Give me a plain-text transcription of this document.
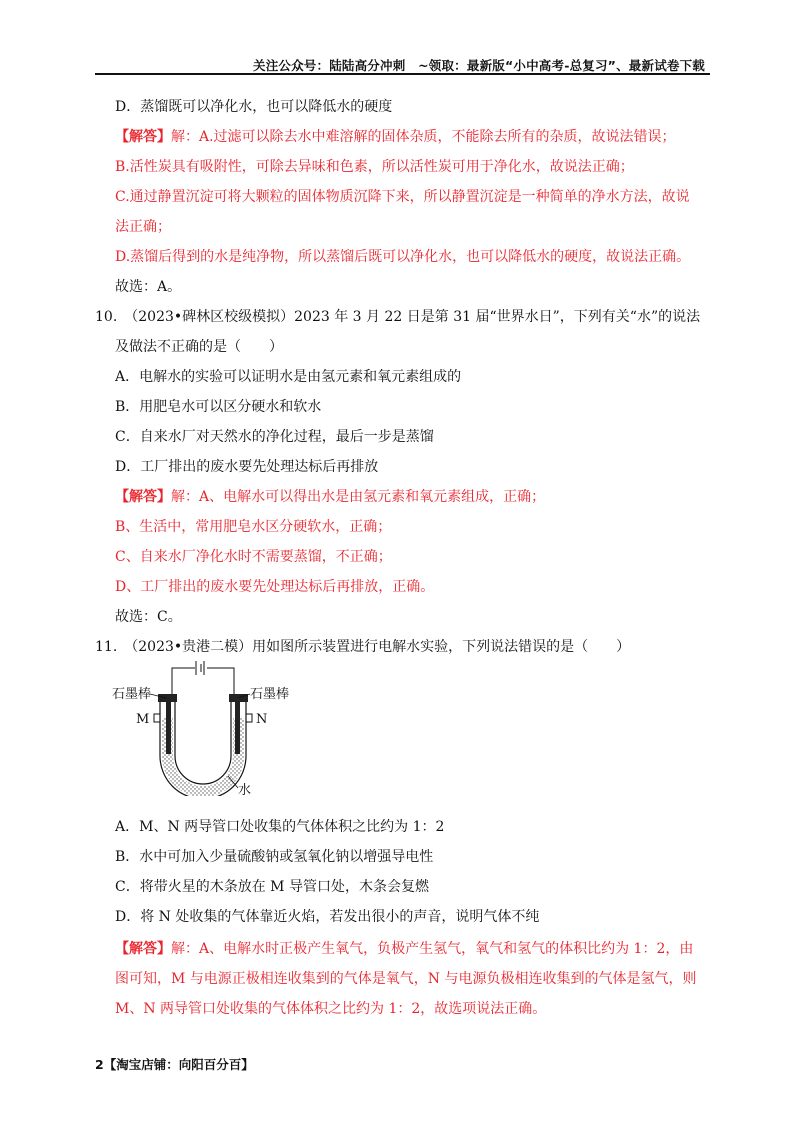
关注公众号：陆陆高分冲刺　~领取：最新版“小中高考-总复习”、最新试卷下载
D．蒸馏既可以净化水，也可以降低水的硬度
【解答】解：A.过滤可以除去水中难溶解的固体杂质，不能除去所有的杂质，故说法错误；
B.活性炭具有吸附性，可除去异味和色素，所以活性炭可用于净化水，故说法正确；
C.通过静置沉淀可将大颗粒的固体物质沉降下来，所以静置沉淀是一种简单的净水方法，故说
法正确；
D.蒸馏后得到的水是纯净物，所以蒸馏后既可以净化水，也可以降低水的硬度，故说法正确。
故选：A。
10.　（2023•碑林区校级模拟）2023 年 3 月 22 日是第 31 届“世界水日”，下列有关“水”的说法
及做法不正确的是（　　）
A．电解水的实验可以证明水是由氢元素和氧元素组成的
B．用肥皂水可以区分硬水和软水
C．自来水厂对天然水的净化过程，最后一步是蒸馏
D．工厂排出的废水要先处理达标后再排放
【解答】解：A、电解水可以得出水是由氢元素和氧元素组成，正确；
B、生活中，常用肥皂水区分硬软水，正确；
C、自来水厂净化水时不需要蒸馏，不正确；
D、工厂排出的废水要先处理达标后再排放，正确。
故选：C。
11.　（2023•贵港二模）用如图所示装置进行电解水实验，下列说法错误的是（　　）
石墨棒	石墨棒
M	N
水
A．M、N 两导管口处收集的气体体积之比约为 1：2
B．水中可加入少量硫酸钠或氢氧化钠以增强导电性
C．将带火星的木条放在 M 导管口处，木条会复燃
D．将 N 处收集的气体靠近火焰，若发出很小的声音，说明气体不纯
【解答】解：A、电解水时正极产生氧气，负极产生氢气，氧气和氢气的体积比约为 1：2，由
图可知，M 与电源正极相连收集到的气体是氧气，N 与电源负极相连收集到的气体是氢气，则
M、N 两导管口处收集的气体体积之比约为 1：2，故选项说法正确。
2【淘宝店铺：向阳百分百】
